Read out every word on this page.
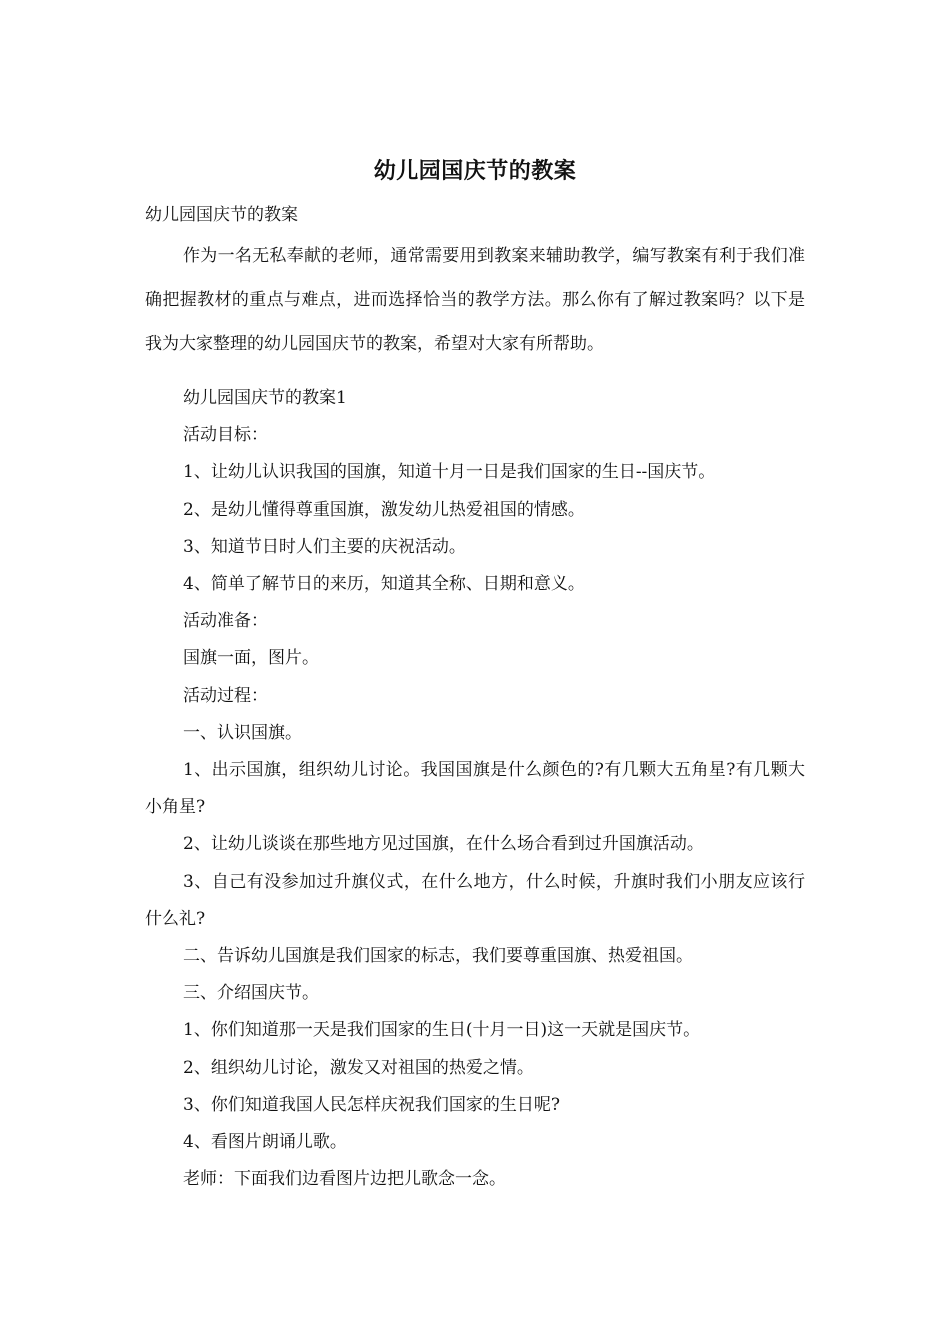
幼儿园国庆节的教案
幼儿园国庆节的教案

作为一名无私奉献的老师，通常需要用到教案来辅助教学，编写教案有利于我们准确把握教材的重点与难点，进而选择恰当的教学方法。那么你有了解过教案吗？以下是我为大家整理的幼儿园国庆节的教案，希望对大家有所帮助。

幼儿园国庆节的教案1

活动目标：

1、让幼儿认识我国的国旗，知道十月一日是我们国家的生日--国庆节。

2、是幼儿懂得尊重国旗，激发幼儿热爱祖国的情感。

3、知道节日时人们主要的庆祝活动。

4、简单了解节日的来历，知道其全称、日期和意义。

活动准备：

国旗一面，图片。

活动过程：

一、认识国旗。

1、出示国旗，组织幼儿讨论。我国国旗是什么颜色的?有几颗大五角星?有几颗大小角星?

2、让幼儿谈谈在那些地方见过国旗，在什么场合看到过升国旗活动。

3、自己有没参加过升旗仪式，在什么地方，什么时候，升旗时我们小朋友应该行什么礼?

二、告诉幼儿国旗是我们国家的标志，我们要尊重国旗、热爱祖国。

三、介绍国庆节。

1、你们知道那一天是我们国家的生日(十月一日)这一天就是国庆节。

2、组织幼儿讨论，激发又对祖国的热爱之情。

3、你们知道我国人民怎样庆祝我们国家的生日呢?

4、看图片朗诵儿歌。

老师：下面我们边看图片边把儿歌念一念。
